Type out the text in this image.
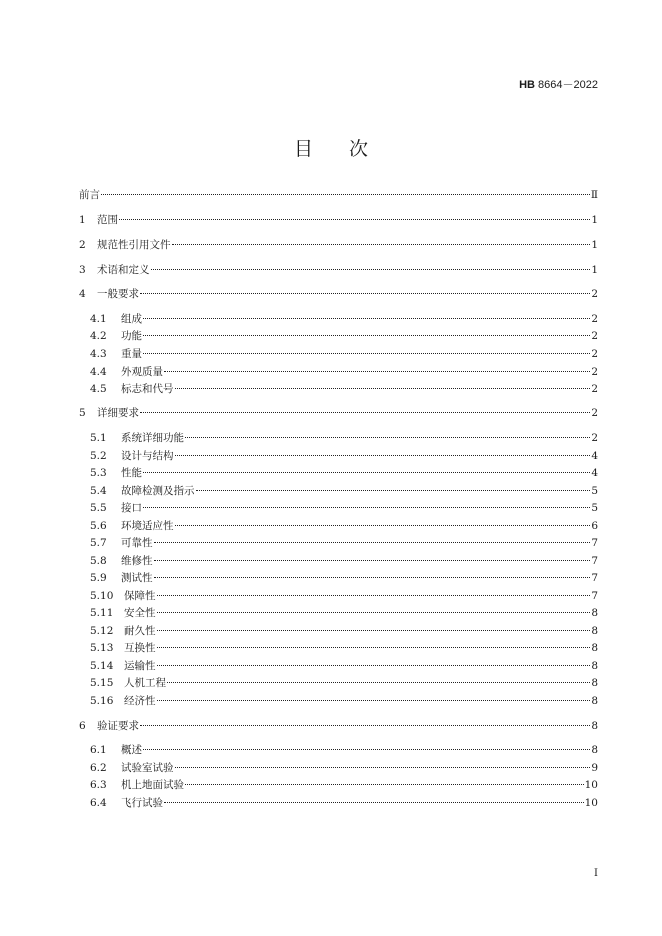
HB 8664－2022
目次
前言	Ⅱ
1	范围	1
2	规范性引用文件	1
3	术语和定义	1
4	一般要求	2
4.1	组成	2
4.2	功能	2
4.3	重量	2
4.4	外观质量	2
4.5	标志和代号	2
5	详细要求	2
5.1	系统详细功能	2
5.2	设计与结构	4
5.3	性能	4
5.4	故障检测及指示	5
5.5	接口	5
5.6	环境适应性	6
5.7	可靠性	7
5.8	维修性	7
5.9	测试性	7
5.10	保障性	7
5.11	安全性	8
5.12	耐久性	8
5.13	互换性	8
5.14	运输性	8
5.15	人机工程	8
5.16	经济性	8
6	验证要求	8
6.1	概述	8
6.2	试验室试验	9
6.3	机上地面试验	10
6.4	飞行试验	10
I
